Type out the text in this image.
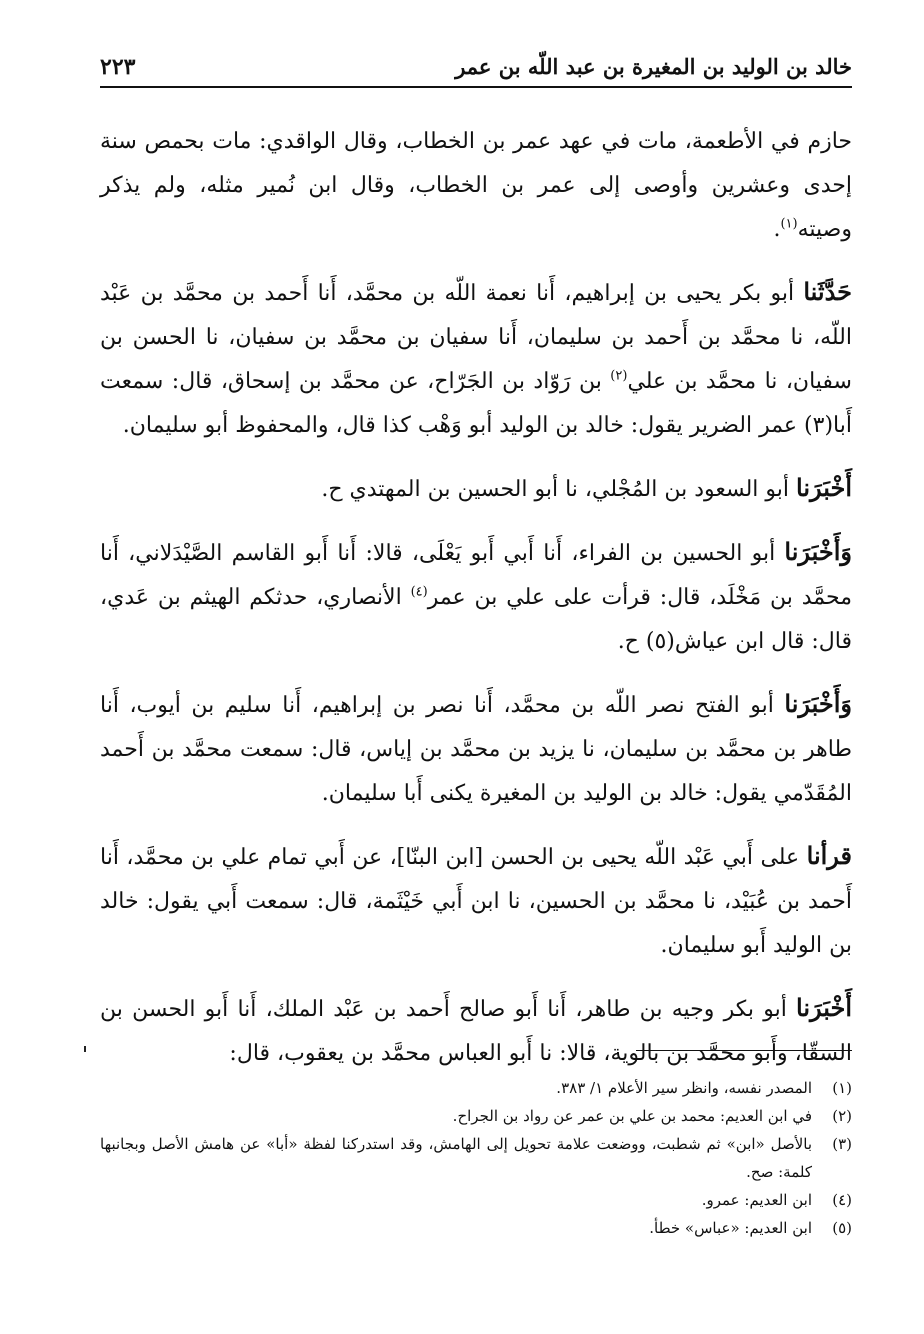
خالد بن الوليد بن المغيرة بن عبد اللّه بن عمر
٢٢٣

حازم في الأطعمة، مات في عهد عمر بن الخطاب، وقال الواقدي: مات بحمص سنة إحدى وعشرين وأوصى إلى عمر بن الخطاب، وقال ابن نُمير مثله، ولم يذكر وصيته$^{(١)}$.

حَدَّثَنا أبو بكر يحيى بن إبراهيم، أَنا نعمة اللّه بن محمَّد، أَنا أَحمد بن محمَّد بن عَبْد اللّه، نا محمَّد بن أَحمد بن سليمان، أَنا سفيان بن محمَّد بن سفيان، نا الحسن بن سفيان، نا محمَّد بن علي$^{(٢)}$ بن رَوّاد بن الجَرّاح، عن محمَّد بن إسحاق، قال: سمعت أَبا(٣) عمر الضرير يقول: خالد بن الوليد أبو وَهْب كذا قال، والمحفوظ أبو سليمان.

أَخْبَرَنا أبو السعود بن المُجْلي، نا أبو الحسين بن المهتدي ح.

وَأَخْبَرَنا أبو الحسين بن الفراء، أَنا أَبي أَبو يَعْلَى، قالا: أَنا أَبو القاسم الصَّيْدَلاني، أَنا محمَّد بن مَخْلَد، قال: قرأت على علي بن عمر$^{(٤)}$ الأنصاري، حدثكم الهيثم بن عَدي، قال: قال ابن عياش(٥) ح.

وَأَخْبَرَنا أبو الفتح نصر اللّه بن محمَّد، أَنا نصر بن إبراهيم، أَنا سليم بن أيوب، أَنا طاهر بن محمَّد بن سليمان، نا يزيد بن محمَّد بن إياس، قال: سمعت محمَّد بن أَحمد المُقَدّمي يقول: خالد بن الوليد بن المغيرة يكنى أَبا سليمان.

قرأنا على أَبي عَبْد اللّه يحيى بن الحسن [ابن البنّا]، عن أَبي تمام علي بن محمَّد، أَنا أَحمد بن عُبَيْد، نا محمَّد بن الحسين، نا ابن أَبي خَيْثَمة، قال: سمعت أَبي يقول: خالد بن الوليد أَبو سليمان.

أَخْبَرَنا أبو بكر وجيه بن طاهر، أَنا أَبو صالح أَحمد بن عَبْد الملك، أَنا أَبو الحسن بن السقّا، وأَبو محمَّد بن بالوية، قالا: نا أَبو العباس محمَّد بن يعقوب، قال:

(١)
المصدر نفسه، وانظر سير الأعلام ١/ ٣٨٣.
(٢)
في ابن العديم: محمد بن علي بن عمر عن رواد بن الجراح.
(٣)
بالأصل «ابن» ثم شطبت، ووضعت علامة تحويل إلى الهامش، وقد استدركنا لفظة «أبا» عن هامش الأصل وبجانبها كلمة: صح.
(٤)
ابن العديم: عمرو.
(٥)
ابن العديم: «عباس» خطأ.
